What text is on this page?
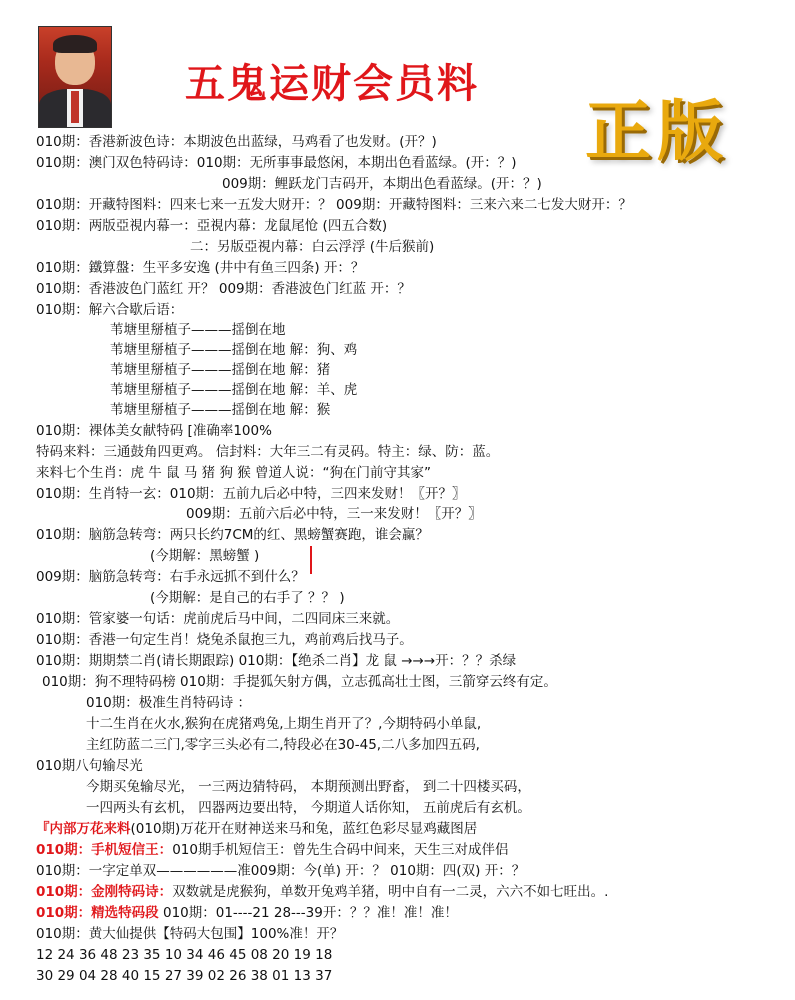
五鬼运财会员料
正版
010期：香港新波色诗：本期波色出蓝绿，马鸡看了也发财。(开？)
010期：澳门双色特码诗：010期：无所事事最悠闲，本期出色看蓝绿。(开：？)
009期：鲤跃龙门吉码开，本期出色看蓝绿。(开：？)
010期：开藏特图料：四来七来一五发大财开：？ 009期：开藏特图料：三来六来二七发大财开：？
010期：两版亞視内幕一：亞視内幕：龙鼠尾怆 (四五合数)
二：另版亞視内幕：白云浮浮 (牛后猴前)
010期：鐵算盤：生平多安逸 (井中有鱼三四条) 开：？
010期：香港波色门蓝红 开？ 009期：香港波色门红蓝 开：？
010期：解六合歇后语：
苇塘里掰植子———揺倒在地
苇塘里掰植子———揺倒在地 解：狗、鸡
苇塘里掰植子———揺倒在地 解：猪
苇塘里掰植子———揺倒在地 解：羊、虎
苇塘里掰植子———揺倒在地 解：猴
010期：裸体美女献特码 [准确率100%
特码来料：三通鼓角四更鸡。 信封料：大年三二有灵码。特主：绿、防：蓝。
来料七个生肖：虎 牛 鼠 马 猪 狗 猴 曾道人说：“狗在门前守其家”
010期：生肖特一玄：010期：五前九后必中特，三四来发财！〖开？〗
009期：五前六后必中特，三一来发财！〖开？〗
010期：脑筋急转弯：两只长约7CM的红、黑螃蟹赛跑，谁会赢？
(今期解：黑螃蟹 )
009期：脑筋急转弯：右手永远抓不到什么？
(今期解：是自己的右手了 ？？ )
010期：管家婆一句话：虎前虎后马中间，二四同床三来就。
010期：香港一句定生肖！烧兔杀鼠抱三九，鸡前鸡后找马子。
010期：期期禁二肖(请长期跟踪) 010期：【绝杀二肖】龙 鼠 →→→开：？？杀绿
010期：狗不理特码榜 010期：手提狐矢射方偶，立志孤高壮士图，三箭穿云终有定。
010期：极准生肖特码诗 ：
十二生肖在火水,猴狗在虎猪鸡兔,上期生肖开了？,今期特码小单鼠,
主红防蓝二三门,零字三头必有二,特段必在30-45,二八多加四五码,
010期八句输尽光
今期买兔输尽光， 一三两边猜特码， 本期预测出野畜， 到二十四楼买码，
一四两头有玄机， 四器两边要出特， 今期道人话你知， 五前虎后有玄机。
『内部万花来料(010期)万花开在财神送来马和兔，蓝红色彩尽显鸡藏图居
010期：手机短信王：010期手机短信王：曾先生合码中间来，天生三对成伴侣
010期：一字定单双——————准009期：今(单) 开：？ 010期：四(双) 开：？
010期：金刚特码诗：双数就是虎猴狗，单数开兔鸡羊猪，明中自有一二灵，六六不如七旺出。.
010期：精选特码段 010期：01----21 28---39开：？？准！准！准！
010期：黄大仙提供【特码大包围】100%准！开？
12 24 36 48 23 35 10 34 46 45 08 20 19 18
30 29 04 28 40 15 27 39 02 26 38 01 13 37
